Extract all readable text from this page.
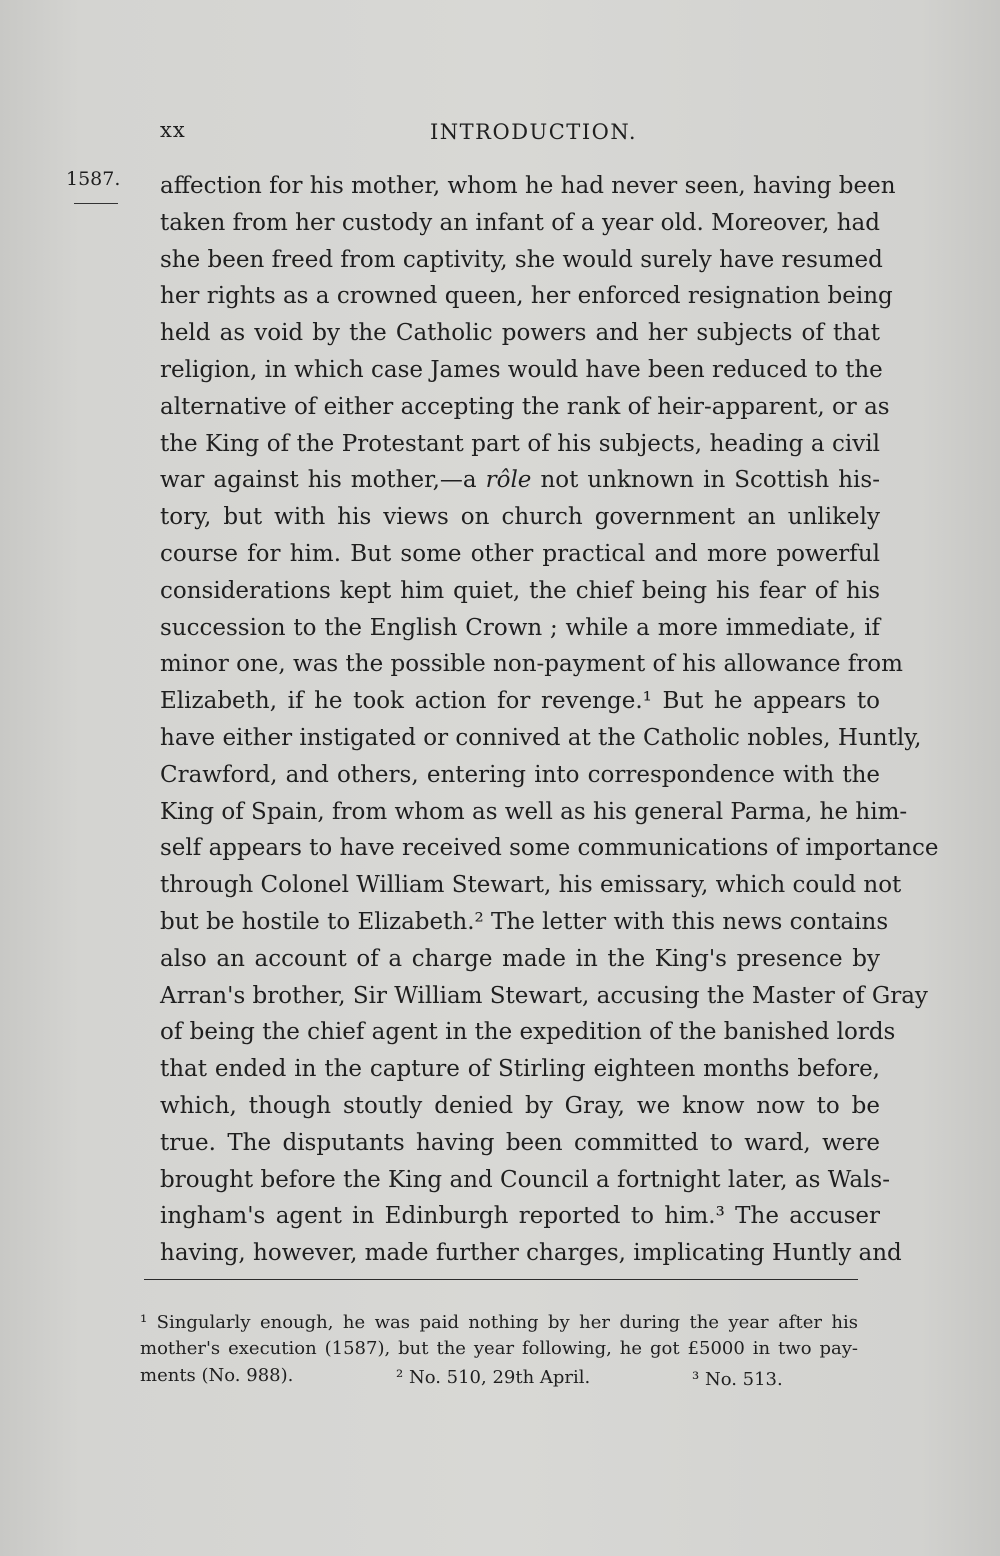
xx	INTRODUCTION.
1587. affection for his mother, whom he had never seen, having been
taken from her custody an infant of a year old. Moreover, had
she been freed from captivity, she would surely have resumed
her rights as a crowned queen, her enforced resignation being
held as void by the Catholic powers and her subjects of that
religion, in which case James would have been reduced to the
alternative of either accepting the rank of heir-apparent, or as
the King of the Protestant part of his subjects, heading a civil
war against his mother,—a rôle not unknown in Scottish his-
tory, but with his views on church government an unlikely
course for him. But some other practical and more powerful
considerations kept him quiet, the chief being his fear of his
succession to the English Crown ; while a more immediate, if
minor one, was the possible non-payment of his allowance from
Elizabeth, if he took action for revenge.¹ But he appears to
have either instigated or connived at the Catholic nobles, Huntly,
Crawford, and others, entering into correspondence with the
King of Spain, from whom as well as his general Parma, he him-
self appears to have received some communications of importance
through Colonel William Stewart, his emissary, which could not
but be hostile to Elizabeth.² The letter with this news contains
also an account of a charge made in the King's presence by
Arran's brother, Sir William Stewart, accusing the Master of Gray
of being the chief agent in the expedition of the banished lords
that ended in the capture of Stirling eighteen months before,
which, though stoutly denied by Gray, we know now to be
true. The disputants having been committed to ward, were
brought before the King and Council a fortnight later, as Wals-
ingham's agent in Edinburgh reported to him.³ The accuser
having, however, made further charges, implicating Huntly and
¹ Singularly enough, he was paid nothing by her during the year after his
mother's execution (1587), but the year following, he got £5000 in two pay-
ments (No. 988).	² No. 510, 29th April.	³ No. 513.
